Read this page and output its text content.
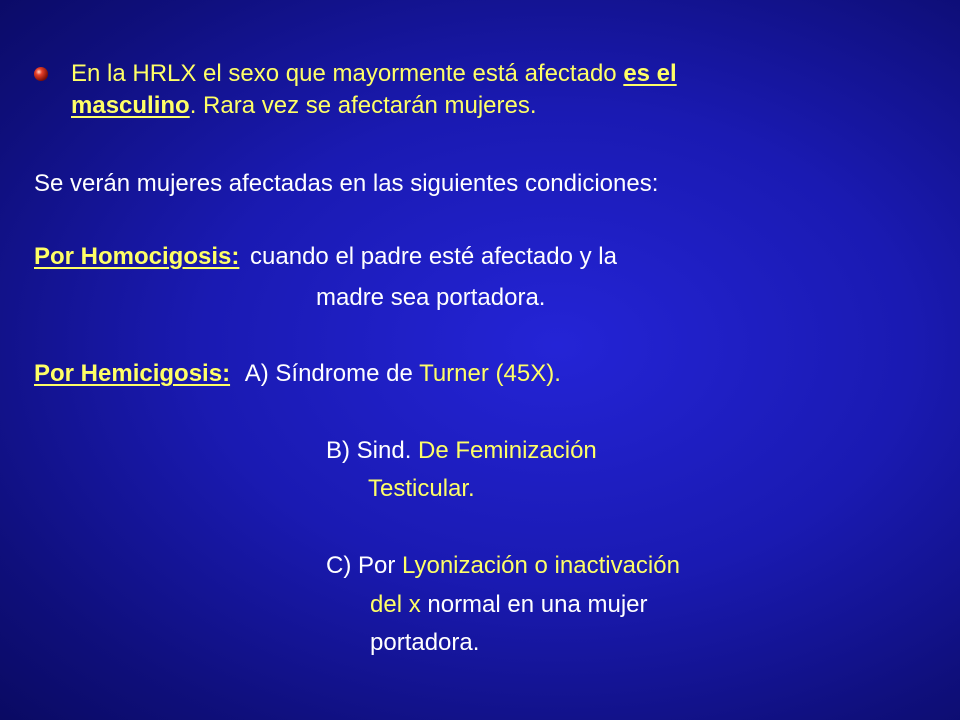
En la HRLX el sexo que mayormente está afectado es el
masculino. Rara vez se afectarán mujeres.
Se verán mujeres afectadas en las siguientes condiciones:
Por Homocigosis: cuando el padre esté afectado y la
madre sea portadora.
Por Hemicigosis: A) Síndrome de Turner (45X).
B) Sind. De Feminización
Testicular.
C) Por Lyonización o inactivación
del x normal en una mujer
portadora.
